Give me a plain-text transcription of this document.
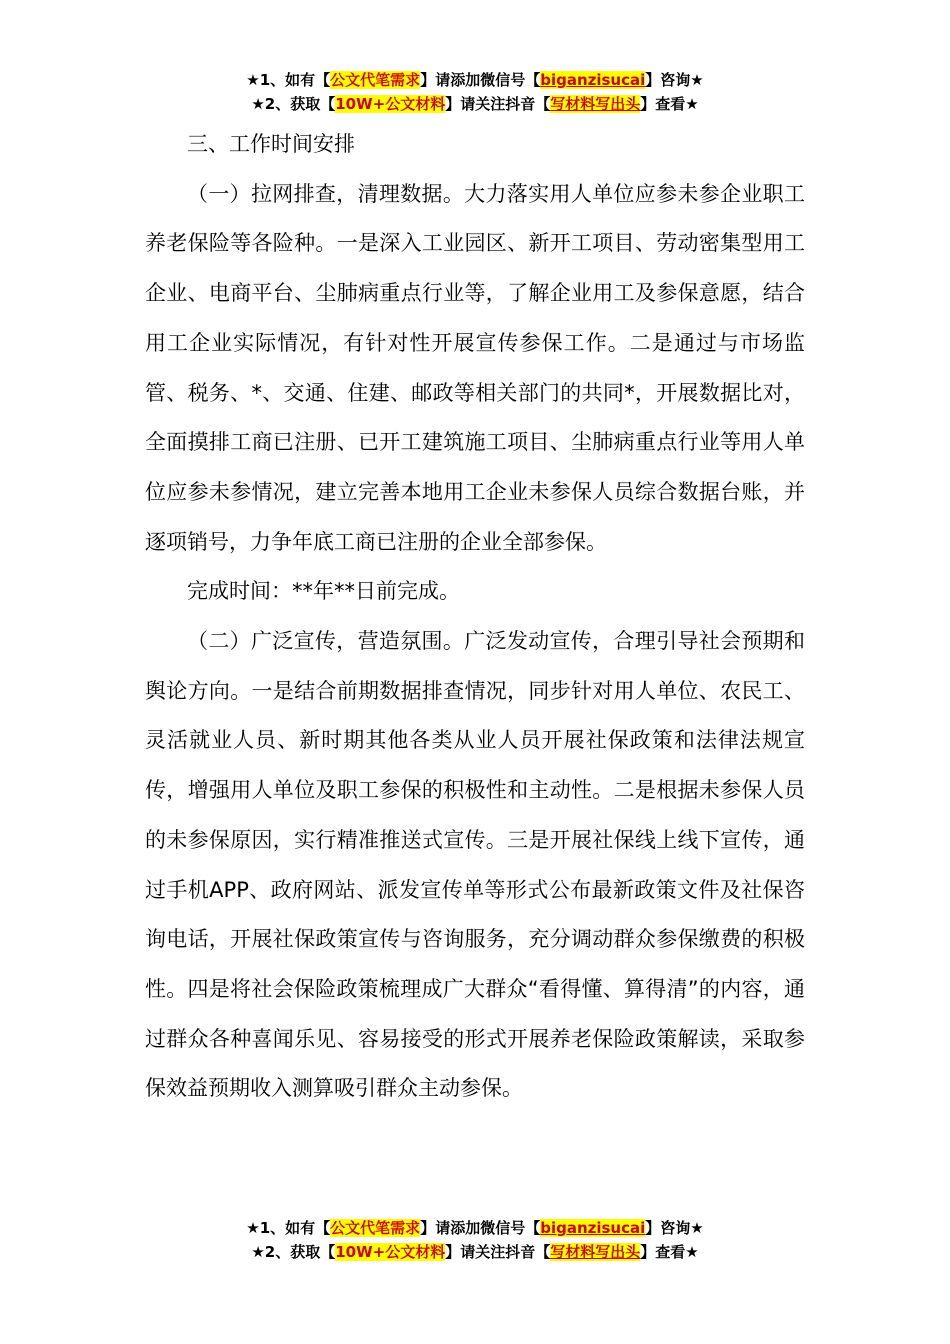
★1、如有【公文代笔需求】请添加微信号【biganzisucai】咨询★
★2、获取【10W+公文材料】请关注抖音【写材料写出头】查看★

三、工作时间安排

（一）拉网排查，清理数据。大力落实用人单位应参未参企业职工养老保险等各险种。一是深入工业园区、新开工项目、劳动密集型用工企业、电商平台、尘肺病重点行业等，了解企业用工及参保意愿，结合用工企业实际情况，有针对性开展宣传参保工作。二是通过与市场监管、税务、*、交通、住建、邮政等相关部门的共同*，开展数据比对，全面摸排工商已注册、已开工建筑施工项目、尘肺病重点行业等用人单位应参未参情况，建立完善本地用工企业未参保人员综合数据台账，并逐项销号，力争年底工商已注册的企业全部参保。

完成时间：**年**日前完成。

（二）广泛宣传，营造氛围。广泛发动宣传，合理引导社会预期和舆论方向。一是结合前期数据排查情况，同步针对用人单位、农民工、灵活就业人员、新时期其他各类从业人员开展社保政策和法律法规宣传，增强用人单位及职工参保的积极性和主动性。二是根据未参保人员的未参保原因，实行精准推送式宣传。三是开展社保线上线下宣传，通过手机APP、政府网站、派发宣传单等形式公布最新政策文件及社保咨询电话，开展社保政策宣传与咨询服务，充分调动群众参保缴费的积极性。四是将社会保险政策梳理成广大群众“看得懂、算得清”的内容，通过群众各种喜闻乐见、容易接受的形式开展养老保险政策解读，采取参保效益预期收入测算吸引群众主动参保。

★1、如有【公文代笔需求】请添加微信号【biganzisucai】咨询★
★2、获取【10W+公文材料】请关注抖音【写材料写出头】查看★
